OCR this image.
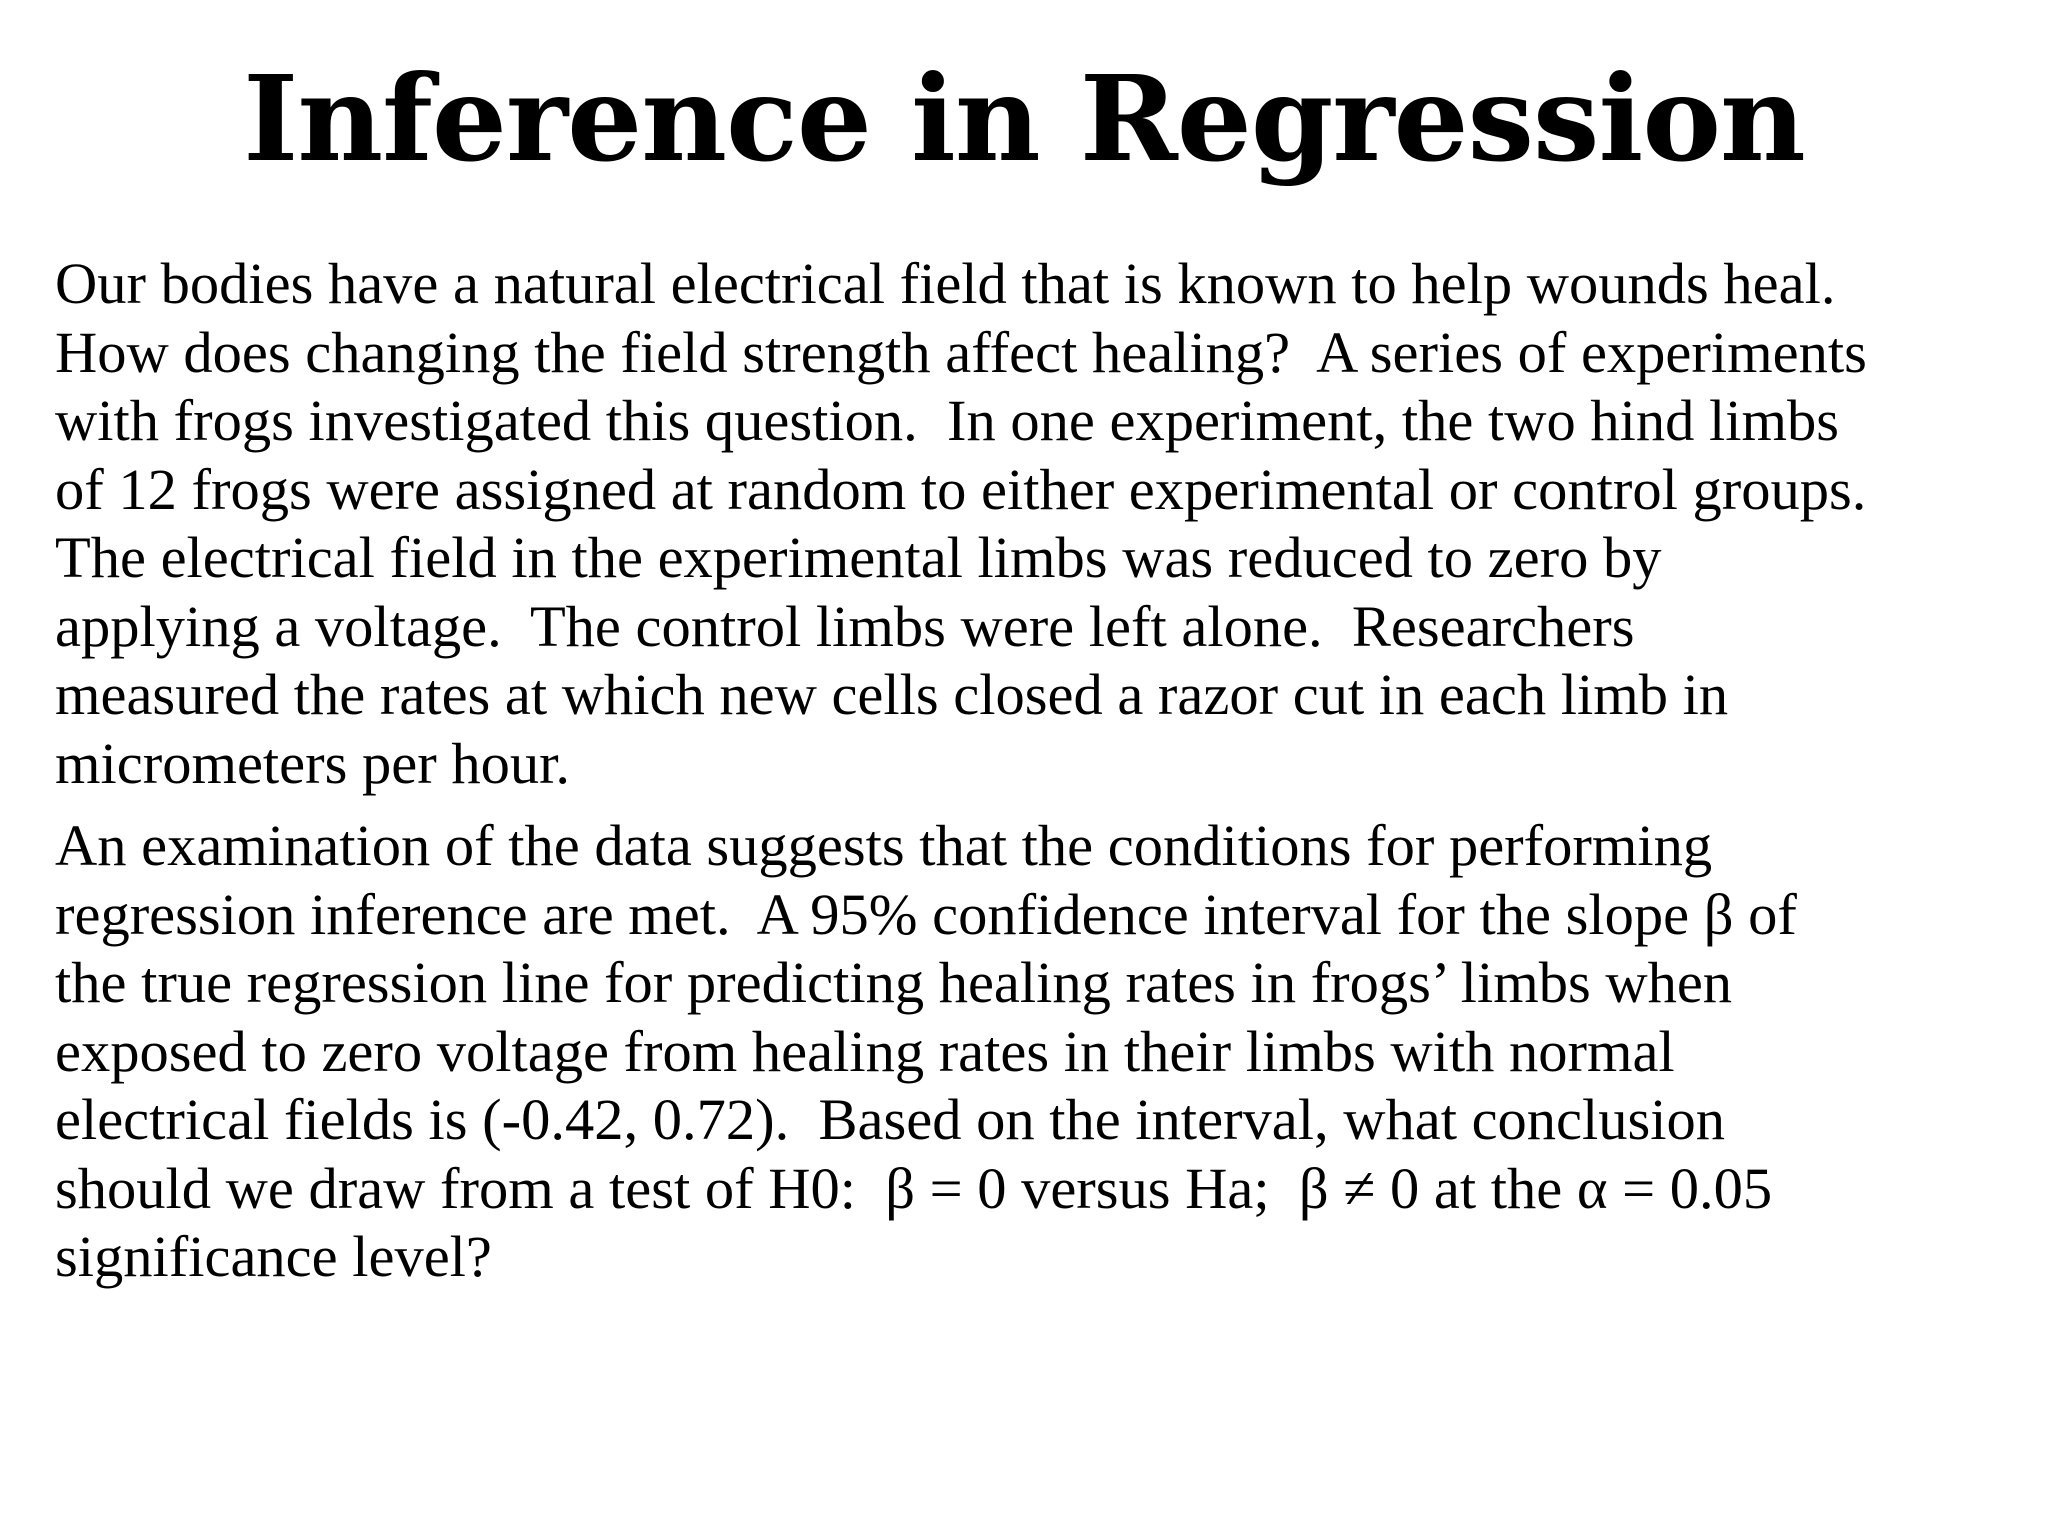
Inference in Regression

Our bodies have a natural electrical field that is known to help wounds heal.
How does changing the field strength affect healing?  A series of experiments
with frogs investigated this question.  In one experiment, the two hind limbs
of 12 frogs were assigned at random to either experimental or control groups.
The electrical field in the experimental limbs was reduced to zero by
applying a voltage.  The control limbs were left alone.  Researchers
measured the rates at which new cells closed a razor cut in each limb in
micrometers per hour.

An examination of the data suggests that the conditions for performing
regression inference are met.  A 95% confidence interval for the slope β of
the true regression line for predicting healing rates in frogs’ limbs when
exposed to zero voltage from healing rates in their limbs with normal
electrical fields is (-0.42, 0.72).  Based on the interval, what conclusion
should we draw from a test of H0:  β = 0 versus Ha;  β ≠ 0 at the α = 0.05
significance level?
